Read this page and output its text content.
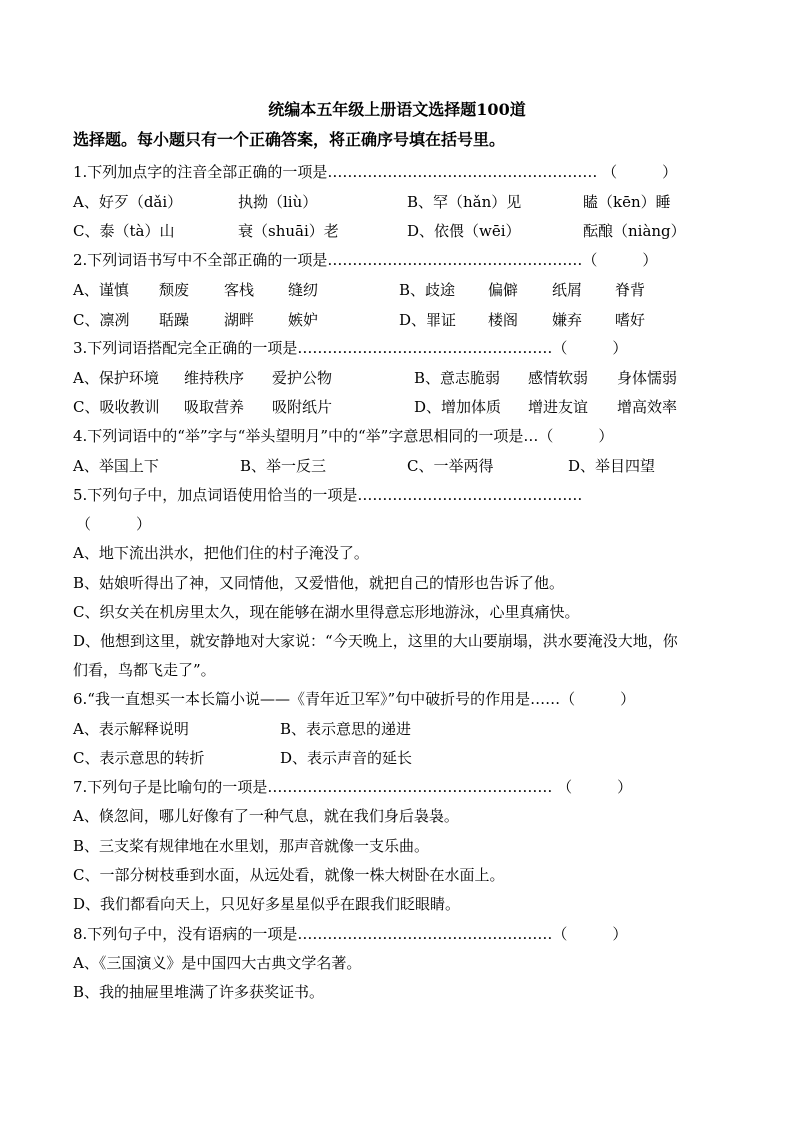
统编本五年级上册语文选择题100道
选择题。每小题只有一个正确答案，将正确序号填在括号里。
1.下列加点字的注音全部正确的一项是……………………………………………… （　　　）
A、好歹（dǎi）	执拗（liù）	B、罕（hǎn）见	瞌（kēn）睡
C、泰（tà）山	衰（shuāi）老	D、依偎（wēi）	酝酿（niàng）
2.下列词语书写中不全部正确的一项是……………………………………………（　　　）
A、谨慎 颓废 客栈 缝纫	B、歧途 偏僻 纸屑 脊背
C、凛冽 聒躁 湖畔 嫉妒	D、罪证 楼阁 嫌弃 嗜好
3.下列词语搭配完全正确的一项是……………………………………………（　　　）
A、保护环境 维持秩序 爱护公物	B、意志脆弱 感情软弱 身体懦弱
C、吸收教训 吸取营养 吸附纸片	D、增加体质 增进友谊 增高效率
4.下列词语中的“举”字与“举头望明月”中的“举”字意思相同的一项是…（　　　）
A、举国上下	B、举一反三	C、一举两得	D、举目四望
5.下列句子中，加点词语使用恰当的一项是………………………………………
（　　　）
A、地下流出洪水，把他们住的村子淹没了。
B、姑娘听得出了神，又同情他，又爱惜他，就把自己的情形也告诉了他。
C、织女关在机房里太久，现在能够在湖水里得意忘形地游泳，心里真痛快。
D、他想到这里，就安静地对大家说：“今天晚上，这里的大山要崩塌，洪水要淹没大地，你
们看，鸟都飞走了”。
6.“我一直想买一本长篇小说——《青年近卫军》”句中破折号的作用是……（　　　）
A、表示解释说明	B、表示意思的递进
C、表示意思的转折	D、表示声音的延长
7.下列句子是比喻句的一项是………………………………………………… （　　　）
A、倏忽间，哪儿好像有了一种气息，就在我们身后袅袅。
B、三支桨有规律地在水里划，那声音就像一支乐曲。
C、一部分树枝垂到水面，从远处看，就像一株大树卧在水面上。
D、我们都看向天上，只见好多星星似乎在跟我们眨眼睛。
8.下列句子中，没有语病的一项是……………………………………………（　　　）
A、《三国演义》是中国四大古典文学名著。
B、我的抽屉里堆满了许多获奖证书。
